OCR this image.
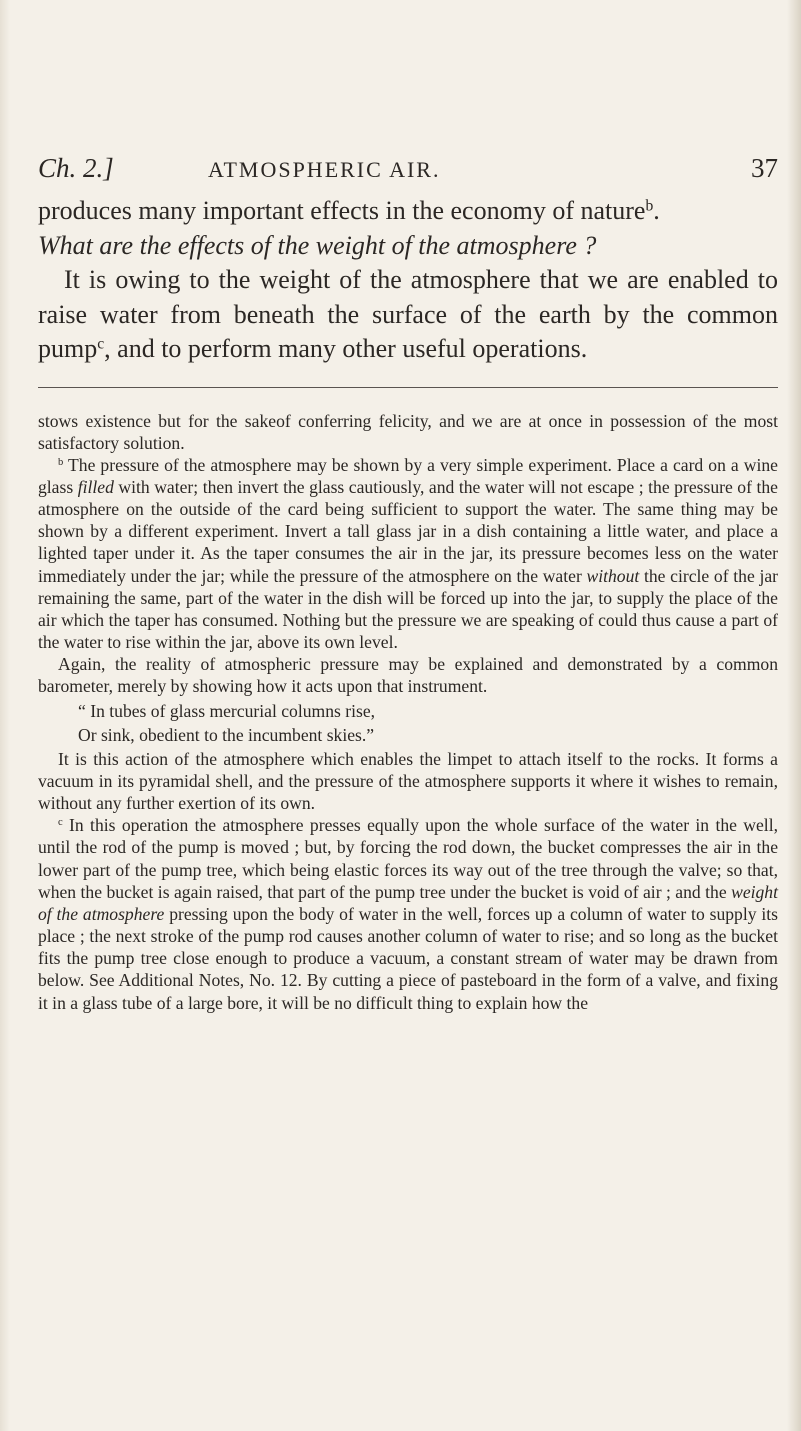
Ch. 2.]	ATMOSPHERIC AIR.	37

produces many important effects in the economy of nature$^b$.

What are the effects of the weight of the atmosphere ?

It is owing to the weight of the atmosphere that we are enabled to raise water from beneath the surface of the earth by the common pump$^c$, and to perform many other useful operations.

stows existence but for the sakeof conferring felicity, and we are at once in possession of the most satisfactory solution.

$^b$ The pressure of the atmosphere may be shown by a very simple experiment. Place a card on a wine glass filled with water; then invert the glass cautiously, and the water will not escape ; the pressure of the atmosphere on the outside of the card being sufficient to support the water. The same thing may be shown by a different experiment. Invert a tall glass jar in a dish containing a little water, and place a lighted taper under it. As the taper consumes the air in the jar, its pressure becomes less on the water immediately under the jar; while the pressure of the atmosphere on the water without the circle of the jar remaining the same, part of the water in the dish will be forced up into the jar, to supply the place of the air which the taper has consumed. Nothing but the pressure we are speaking of could thus cause a part of the water to rise within the jar, above its own level.

Again, the reality of atmospheric pressure may be explained and demonstrated by a common barometer, merely by showing how it acts upon that instrument.

“ In tubes of glass mercurial columns rise,

Or sink, obedient to the incumbent skies.”

It is this action of the atmosphere which enables the limpet to attach itself to the rocks. It forms a vacuum in its pyramidal shell, and the pressure of the atmosphere supports it where it wishes to remain, without any further exertion of its own.

$^c$ In this operation the atmosphere presses equally upon the whole surface of the water in the well, until the rod of the pump is moved ; but, by forcing the rod down, the bucket compresses the air in the lower part of the pump tree, which being elastic forces its way out of the tree through the valve; so that, when the bucket is again raised, that part of the pump tree under the bucket is void of air ; and the weight of the atmosphere pressing upon the body of water in the well, forces up a column of water to supply its place ; the next stroke of the pump rod causes another column of water to rise; and so long as the bucket fits the pump tree close enough to produce a vacuum, a constant stream of water may be drawn from below. See Additional Notes, No. 12. By cutting a piece of pasteboard in the form of a valve, and fixing it in a glass tube of a large bore, it will be no difficult thing to explain how the
